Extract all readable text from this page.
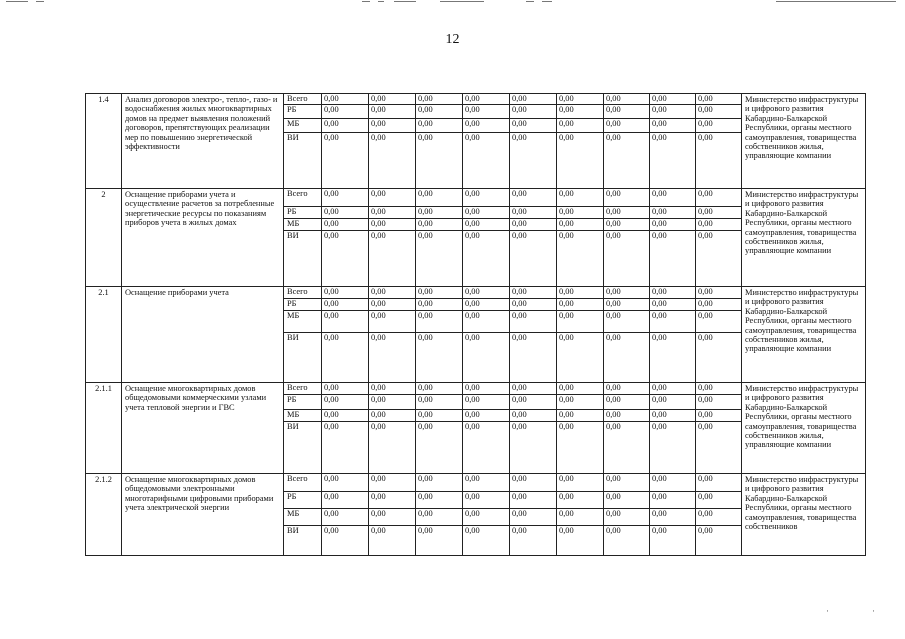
12
1.4	Анализ договоров электро-, тепло-, газо- и водоснабжения жилых многоквартирных домов на предмет выявления положений договоров, препятствующих реализации мер по повышению энергетической эффективности	Всего	0,00	0,00	0,00	0,00	0,00	0,00	0,00	0,00	0,00	Министерство инфраструктуры и цифрового развития Кабардино-Балкарской Республики, органы местного самоуправления, товарищества собственников жилья, управляющие компании
		РБ	0,00	0,00	0,00	0,00	0,00	0,00	0,00	0,00	0,00	
		МБ	0,00	0,00	0,00	0,00	0,00	0,00	0,00	0,00	0,00	
		ВИ	0,00	0,00	0,00	0,00	0,00	0,00	0,00	0,00	0,00	
2	Оснащение приборами учета и осуществление расчетов за потребленные энергетические ресурсы по показаниям приборов учета в жилых домах	Всего	0,00	0,00	0,00	0,00	0,00	0,00	0,00	0,00	0,00	Министерство инфраструктуры и цифрового развития Кабардино-Балкарской Республики, органы местного самоуправления, товарищества собственников жилья, управляющие компании
		РБ	0,00	0,00	0,00	0,00	0,00	0,00	0,00	0,00	0,00	
		МБ	0,00	0,00	0,00	0,00	0,00	0,00	0,00	0,00	0,00	
		ВИ	0,00	0,00	0,00	0,00	0,00	0,00	0,00	0,00	0,00	
2.1	Оснащение приборами учета	Всего	0,00	0,00	0,00	0,00	0,00	0,00	0,00	0,00	0,00	Министерство инфраструктуры и цифрового развития Кабардино-Балкарской Республики, органы местного самоуправления, товарищества собственников жилья, управляющие компании
		РБ	0,00	0,00	0,00	0,00	0,00	0,00	0,00	0,00	0,00	
		МБ	0,00	0,00	0,00	0,00	0,00	0,00	0,00	0,00	0,00	
		ВИ	0,00	0,00	0,00	0,00	0,00	0,00	0,00	0,00	0,00	
2.1.1	Оснащение многоквартирных домов общедомовыми коммерческими узлами учета тепловой энергии и ГВС	Всего	0,00	0,00	0,00	0,00	0,00	0,00	0,00	0,00	0,00	Министерство инфраструктуры и цифрового развития Кабардино-Балкарской Республики, органы местного самоуправления, товарищества собственников жилья, управляющие компании
		РБ	0,00	0,00	0,00	0,00	0,00	0,00	0,00	0,00	0,00	
		МБ	0,00	0,00	0,00	0,00	0,00	0,00	0,00	0,00	0,00	
		ВИ	0,00	0,00	0,00	0,00	0,00	0,00	0,00	0,00	0,00	
2.1.2	Оснащение многоквартирных домов общедомовыми электронными многотарифными цифровыми приборами учета электрической энергии	Всего	0,00	0,00	0,00	0,00	0,00	0,00	0,00	0,00	0,00	Министерство инфраструктуры и цифрового развития Кабардино-Балкарской Республики, органы местного самоуправления, товарищества собственников
		РБ	0,00	0,00	0,00	0,00	0,00	0,00	0,00	0,00	0,00	
		МБ	0,00	0,00	0,00	0,00	0,00	0,00	0,00	0,00	0,00	
		ВИ	0,00	0,00	0,00	0,00	0,00	0,00	0,00	0,00	0,00	
·	·
